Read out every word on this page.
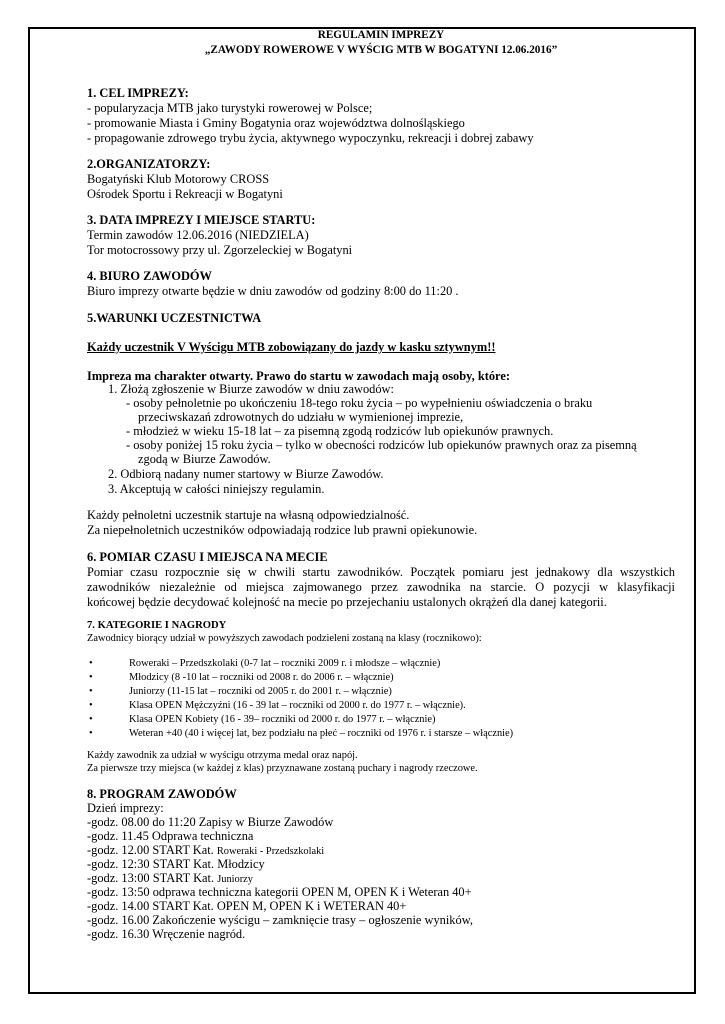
REGULAMIN IMPREZY
„ZAWODY ROWEROWE V WYŚCIG MTB W BOGATYNI 12.06.2016”
1. CEL IMPREZY:
- popularyzacja MTB jako turystyki rowerowej w Polsce;
- promowanie Miasta i Gminy Bogatynia oraz województwa dolnośląskiego
- propagowanie zdrowego trybu życia, aktywnego wypoczynku, rekreacji i dobrej zabawy
2.ORGANIZATORZY:
Bogatyński Klub Motorowy CROSS
Ośrodek Sportu i Rekreacji w Bogatyni
3. DATA IMPREZY I MIEJSCE STARTU:
Termin zawodów 12.06.2016 (NIEDZIELA)
Tor motocrossowy przy ul. Zgorzeleckiej w Bogatyni
4. BIURO ZAWODÓW
Biuro imprezy otwarte będzie w dniu zawodów od godziny 8:00 do 11:20 .
5.WARUNKI UCZESTNICTWA
Każdy uczestnik V Wyścigu MTB zobowiązany do jazdy w kasku sztywnym!!
Impreza ma charakter otwarty. Prawo do startu w zawodach mają osoby, które:
1. Złożą zgłoszenie w Biurze zawodów w dniu zawodów:
- osoby pełnoletnie po ukończeniu 18-tego roku życia – po wypełnieniu oświadczenia o braku
przeciwskazań zdrowotnych do udziału w wymienionej imprezie,
- młodzież w wieku 15-18 lat – za pisemną zgodą rodziców lub opiekunów prawnych.
- osoby poniżej 15 roku życia – tylko w obecności rodziców lub opiekunów prawnych oraz za pisemną
zgodą w Biurze Zawodów.
2. Odbiorą nadany numer startowy w Biurze Zawodów.
3. Akceptują w całości niniejszy regulamin.
Każdy pełnoletni uczestnik startuje na własną odpowiedzialność.
Za niepełnoletnich uczestników odpowiadają rodzice lub prawni opiekunowie.
6. POMIAR CZASU I MIEJSCA NA MECIE
Pomiar czasu rozpocznie się w chwili startu zawodników. Początek pomiaru jest jednakowy dla wszystkich
zawodników niezależnie od miejsca zajmowanego przez zawodnika na starcie. O pozycji w klasyfikacji
końcowej będzie decydować kolejność na mecie po przejechaniu ustalonych okrążeń dla danej kategorii.
7. KATEGORIE I NAGRODY
Zawodnicy biorący udział w powyższych zawodach podzieleni zostaną na klasy (rocznikowo):
•	Roweraki – Przedszkolaki (0-7 lat – roczniki 2009 r. i młodsze – włącznie)
•	Młodzicy (8 -10 lat – roczniki od 2008 r. do 2006 r. – włącznie)
•	Juniorzy (11-15 lat – roczniki od 2005 r. do 2001 r. – włącznie)
•	Klasa OPEN Mężczyźni (16 - 39 lat – roczniki od 2000 r. do 1977 r. – włącznie).
•	Klasa OPEN Kobiety (16 - 39– roczniki od 2000 r. do 1977 r. – włącznie)
•	Weteran +40 (40 i więcej lat, bez podziału na płeć – roczniki od 1976 r. i starsze – włącznie)
Każdy zawodnik za udział w wyścigu otrzyma medal oraz napój.
Za pierwsze trzy miejsca (w każdej z klas) przyznawane zostaną puchary i nagrody rzeczowe.
8. PROGRAM ZAWODÓW
Dzień imprezy:
-godz. 08.00 do 11:20 Zapisy w Biurze Zawodów
-godz. 11.45 Odprawa techniczna
-godz. 12.00 START Kat. Roweraki - Przedszkolaki
-godz. 12:30 START Kat. Młodzicy
-godz. 13:00 START Kat. Juniorzy
-godz. 13:50 odprawa techniczna kategorii OPEN M, OPEN K i Weteran 40+
-godz. 14.00 START Kat. OPEN M, OPEN K i WETERAN 40+
-godz. 16.00 Zakończenie wyścigu – zamknięcie trasy – ogłoszenie wyników,
-godz. 16.30 Wręczenie nagród.
